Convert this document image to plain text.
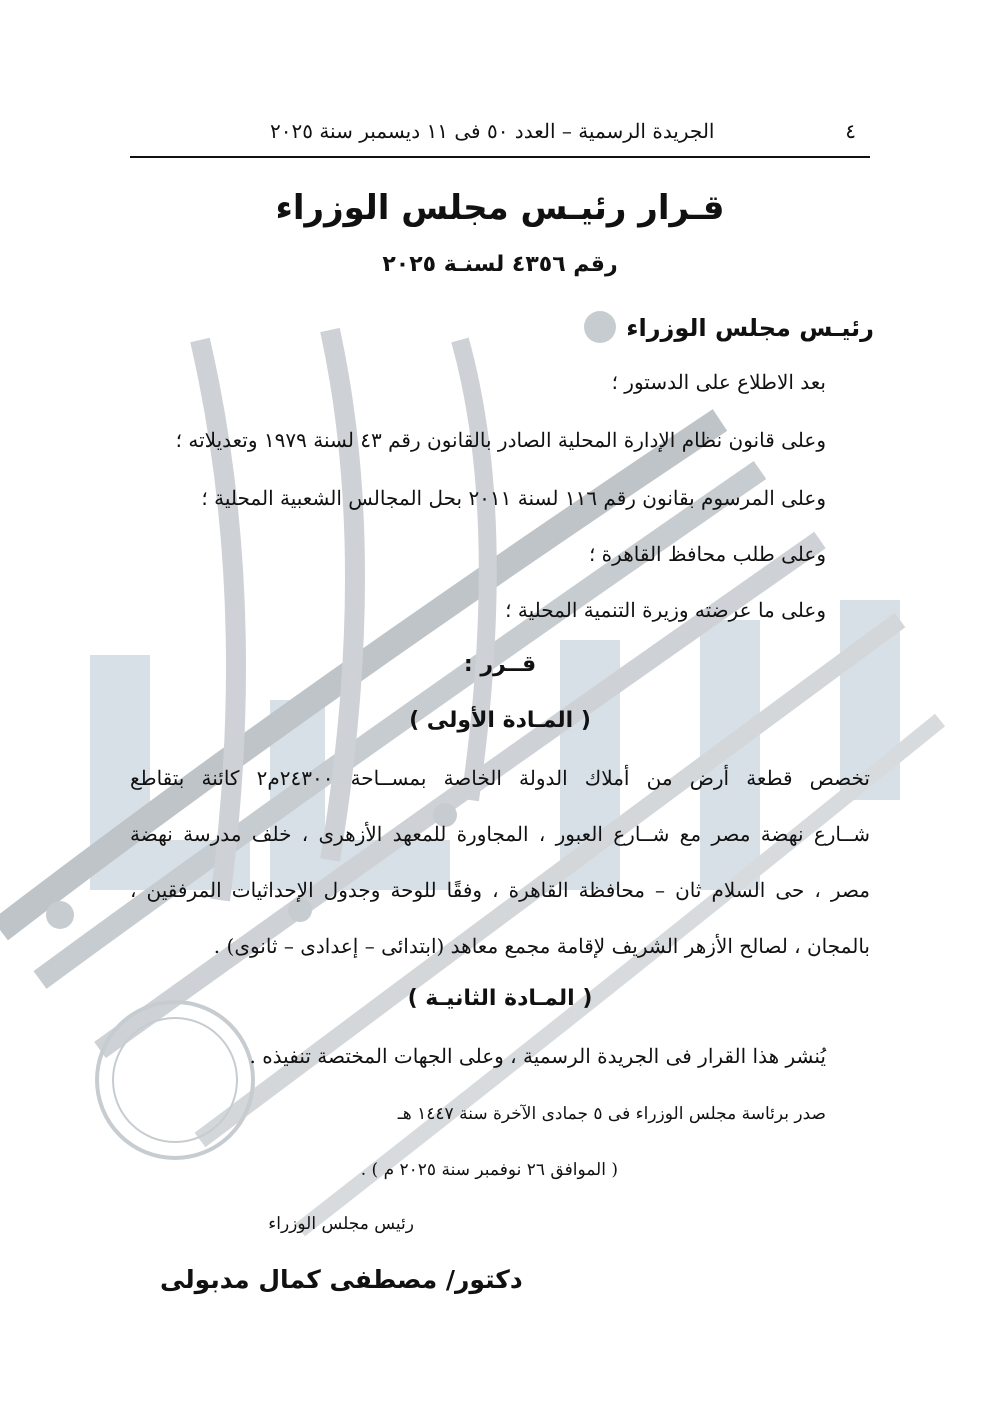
٤
الجريدة الرسمية – العدد ٥٠ فى ١١ ديسمبر سنة ٢٠٢٥
قـرار رئيـس مجلس الوزراء
رقم ٤٣٥٦ لسنـة ٢٠٢٥
رئيـس مجلس الوزراء
بعد الاطلاع على الدستور ؛
وعلى قانون نظام الإدارة المحلية الصادر بالقانون رقم ٤٣ لسنة ١٩٧٩ وتعديلاته ؛
وعلى المرسوم بقانون رقم ١١٦ لسنة ٢٠١١ بحل المجالس الشعبية المحلية ؛
وعلى طلب محافظ القاهرة ؛
وعلى ما عرضته وزيرة التنمية المحلية ؛
قــرر :
( المـادة الأولى )
تخصص قطعة أرض من أملاك الدولة الخاصة بمســاحة ٢٤٣٠٠م٢ كائنة بتقاطع
شــارع نهضة مصر مع شــارع العبور ، المجاورة للمعهد الأزهرى ، خلف مدرسة نهضة
مصر ، حى السلام ثان – محافظة القاهرة ، وفقًا للوحة وجدول الإحداثيات المرفقين ،
بالمجان ، لصالح الأزهر الشريف لإقامة مجمع معاهد (ابتدائى – إعدادى – ثانوى) .
( المـادة الثانيـة )
يُنشر هذا القرار فى الجريدة الرسمية ، وعلى الجهات المختصة تنفيذه .
صدر برئاسة مجلس الوزراء فى ٥ جمادى الآخرة سنة ١٤٤٧ هـ
( الموافق ٢٦ نوفمبر سنة ٢٠٢٥ م ) .
رئيس مجلس الوزراء
دكتور/ مصطفى كمال مدبولى
